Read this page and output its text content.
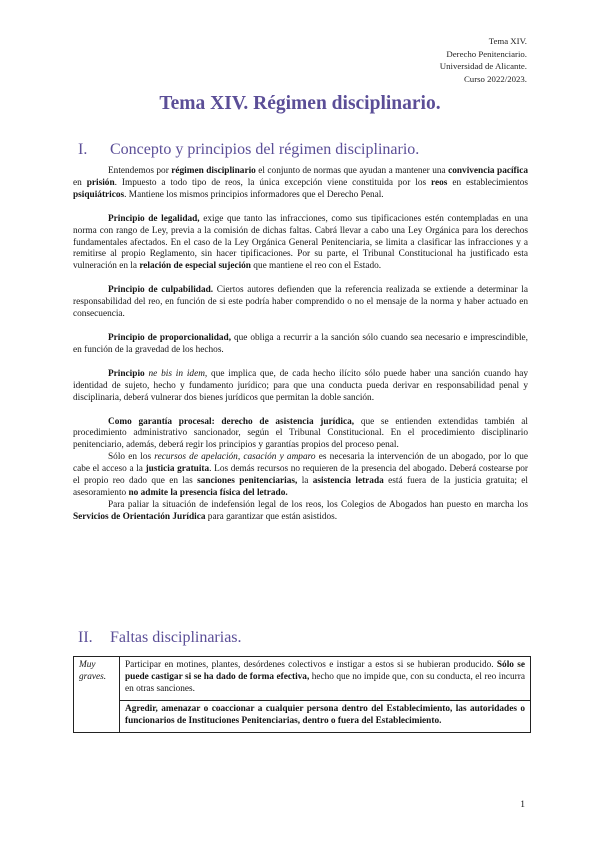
Tema XIV.
Derecho Penitenciario.
Universidad de Alicante.
Curso 2022/2023.
Tema XIV. Régimen disciplinario.
I. Concepto y principios del régimen disciplinario.

Entendemos por régimen disciplinario el conjunto de normas que ayudan a mantener una convivencia pacífica en prisión. Impuesto a todo tipo de reos, la única excepción viene constituida por los reos en establecimientos psiquiátricos. Mantiene los mismos principios informadores que el Derecho Penal.

Principio de legalidad, exige que tanto las infracciones, como sus tipificaciones estén contempladas en una norma con rango de Ley, previa a la comisión de dichas faltas. Cabrá llevar a cabo una Ley Orgánica para los derechos fundamentales afectados. En el caso de la Ley Orgánica General Penitenciaria, se limita a clasificar las infracciones y a remitirse al propio Reglamento, sin hacer tipificaciones. Por su parte, el Tribunal Constitucional ha justificado esta vulneración en la relación de especial sujeción que mantiene el reo con el Estado.

Principio de culpabilidad. Ciertos autores defienden que la referencia realizada se extiende a determinar la responsabilidad del reo, en función de si este podría haber comprendido o no el mensaje de la norma y haber actuado en consecuencia.

Principio de proporcionalidad, que obliga a recurrir a la sanción sólo cuando sea necesario e imprescindible, en función de la gravedad de los hechos.

Principio ne bis in idem, que implica que, de cada hecho ilícito sólo puede haber una sanción cuando hay identidad de sujeto, hecho y fundamento jurídico; para que una conducta pueda derivar en responsabilidad penal y disciplinaria, deberá vulnerar dos bienes jurídicos que permitan la doble sanción.

Como garantía procesal: derecho de asistencia jurídica, que se entienden extendidas también al procedimiento administrativo sancionador, según el Tribunal Constitucional. En el procedimiento disciplinario penitenciario, además, deberá regir los principios y garantías propios del proceso penal.

Sólo en los recursos de apelación, casación y amparo es necesaria la intervención de un abogado, por lo que cabe el acceso a la justicia gratuita. Los demás recursos no requieren de la presencia del abogado. Deberá costearse por el propio reo dado que en las sanciones penitenciarias, la asistencia letrada está fuera de la justicia gratuita; el asesoramiento no admite la presencia física del letrado.

Para paliar la situación de indefensión legal de los reos, los Colegios de Abogados han puesto en marcha los Servicios de Orientación Jurídica para garantizar que están asistidos.

II. Faltas disciplinarias.
Muy graves.	Participar en motines, plantes, desórdenes colectivos e instigar a estos si se hubieran producido. Sólo se puede castigar si se ha dado de forma efectiva, hecho que no impide que, con su conducta, el reo incurra en otras sanciones.
Agredir, amenazar o coaccionar a cualquier persona dentro del Establecimiento, las autoridades o funcionarios de Instituciones Penitenciarias, dentro o fuera del Establecimiento.
1
